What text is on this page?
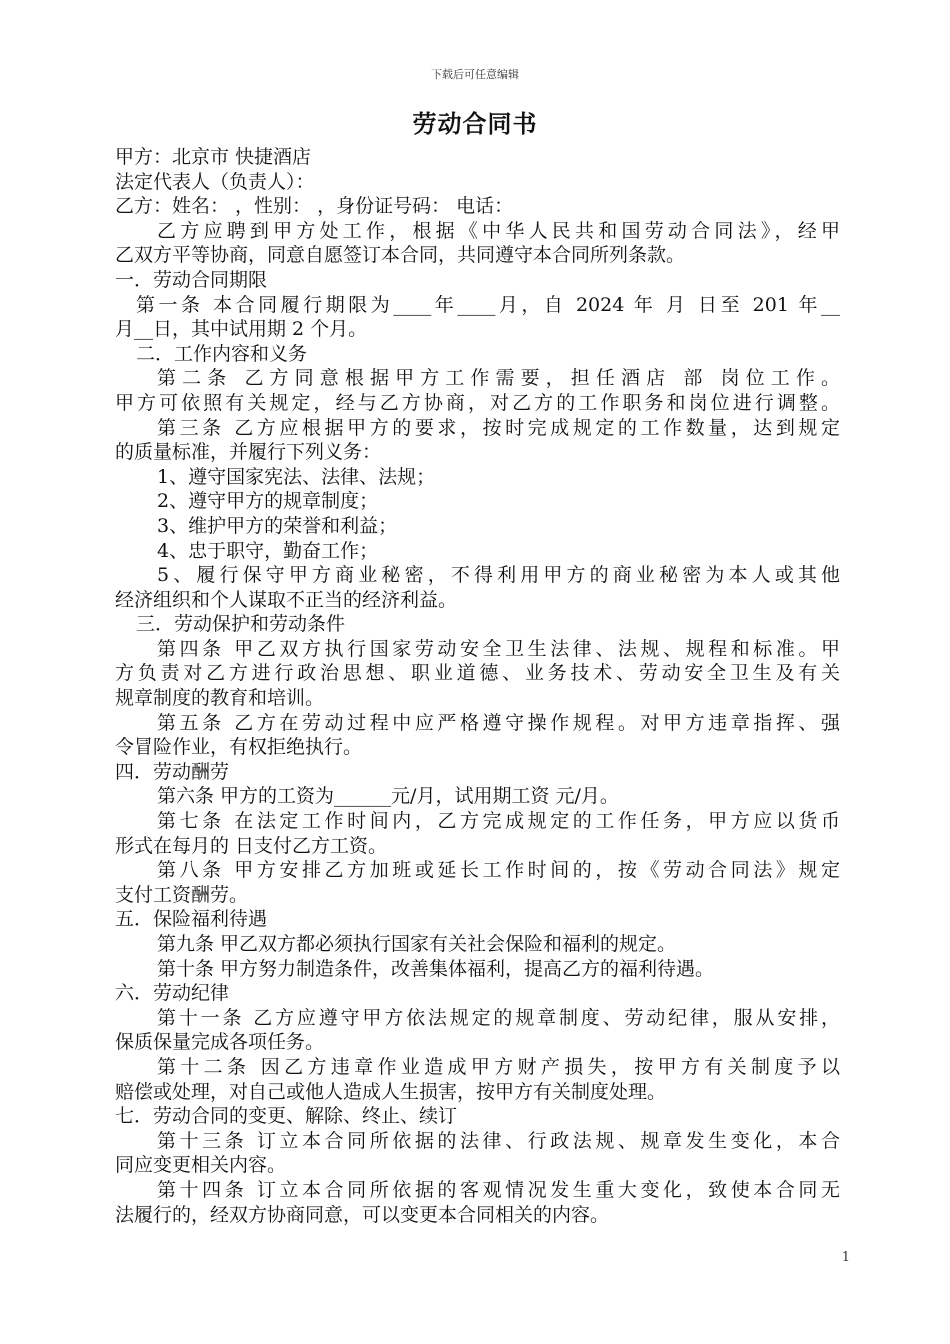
下载后可任意编辑
劳动合同书
甲方：北京市 快捷酒店
法定代表人（负责人）：
乙方：姓名： ，性别： ，身份证号码： 电话：
乙方应聘到甲方处工作，根据《中华人民共和国劳动合同法》，经甲
乙双方平等协商，同意自愿签订本合同，共同遵守本合同所列条款。
一．劳动合同期限
第一条 本合同履行期限为____年____月，自 2024 年 月 日至 201 年__
月__日，其中试用期 2 个月。
二．工作内容和义务
第二条 乙方同意根据甲方工作需要，担任酒店 部 岗位工作。
甲方可依照有关规定，经与乙方协商，对乙方的工作职务和岗位进行调整。
第三条 乙方应根据甲方的要求，按时完成规定的工作数量，达到规定
的质量标准，并履行下列义务：
1、遵守国家宪法、法律、法规；
2、遵守甲方的规章制度；
3、维护甲方的荣誉和利益；
4、忠于职守，勤奋工作；
5、履行保守甲方商业秘密，不得利用甲方的商业秘密为本人或其他
经济组织和个人谋取不正当的经济利益。
三．劳动保护和劳动条件
第四条 甲乙双方执行国家劳动安全卫生法律、法规、规程和标准。甲
方负责对乙方进行政治思想、职业道德、业务技术、劳动安全卫生及有关
规章制度的教育和培训。
第五条 乙方在劳动过程中应严格遵守操作规程。对甲方违章指挥、强
令冒险作业，有权拒绝执行。
四．劳动酬劳
第六条 甲方的工资为______元/月，试用期工资 元/月。
第七条 在法定工作时间内，乙方完成规定的工作任务，甲方应以货币
形式在每月的 日支付乙方工资。
第八条 甲方安排乙方加班或延长工作时间的，按《劳动合同法》规定
支付工资酬劳。
五．保险福利待遇
第九条 甲乙双方都必须执行国家有关社会保险和福利的规定。
第十条 甲方努力制造条件，改善集体福利，提高乙方的福利待遇。
六．劳动纪律
第十一条 乙方应遵守甲方依法规定的规章制度、劳动纪律，服从安排，
保质保量完成各项任务。
第十二条 因乙方违章作业造成甲方财产损失，按甲方有关制度予以
赔偿或处理，对自己或他人造成人生损害，按甲方有关制度处理。
七．劳动合同的变更、解除、终止、续订
第十三条 订立本合同所依据的法律、行政法规、规章发生变化，本合
同应变更相关内容。
第十四条 订立本合同所依据的客观情况发生重大变化，致使本合同无
法履行的，经双方协商同意，可以变更本合同相关的内容。
1
